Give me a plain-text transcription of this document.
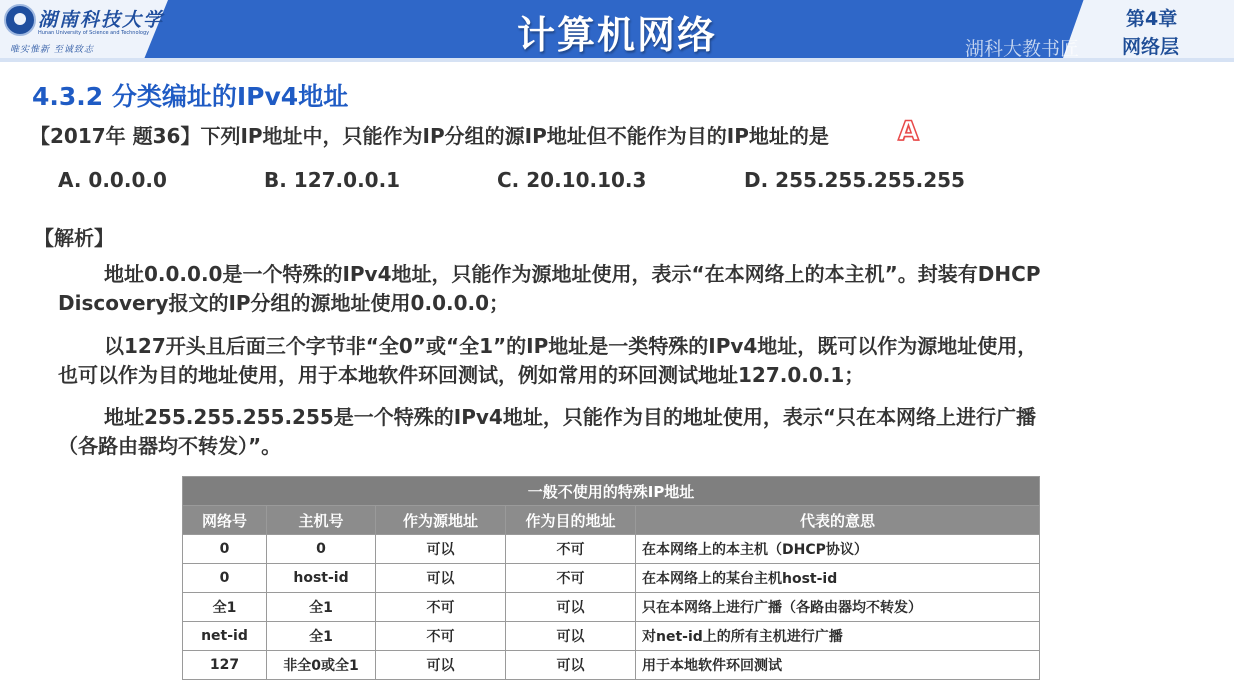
湖南科技大学
Hunan University of Science and Technology
唯实惟新 至诚致志	计算机网络	湖科大教书匠
第4章
网络层
4.3.2 分类编址的IPv4地址
【2017年 题36】下列IP地址中，只能作为IP分组的源IP地址但不能作为目的IP地址的是	A
A. 0.0.0.0	B. 127.0.0.1	C. 20.10.10.3	D. 255.255.255.255
【解析】
地址0.0.0.0是一个特殊的IPv4地址，只能作为源地址使用，表示“在本网络上的本主机”。封装有DHCP
Discovery报文的IP分组的源地址使用0.0.0.0；
以127开头且后面三个字节非“全0”或“全1”的IP地址是一类特殊的IPv4地址，既可以作为源地址使用，
也可以作为目的地址使用，用于本地软件环回测试，例如常用的环回测试地址127.0.0.1；
地址255.255.255.255是一个特殊的IPv4地址，只能作为目的地址使用，表示“只在本网络上进行广播
（各路由器均不转发）”。
一般不使用的特殊IP地址				
网络号	主机号	作为源地址	作为目的地址	代表的意思
0	0	可以	不可	在本网络上的本主机（DHCP协议）
0	host-id	可以	不可	在本网络上的某台主机host-id
全1	全1	不可	可以	只在本网络上进行广播（各路由器均不转发）
net-id	全1	不可	可以	对net-id上的所有主机进行广播
127	非全0或全1	可以	可以	用于本地软件环回测试
